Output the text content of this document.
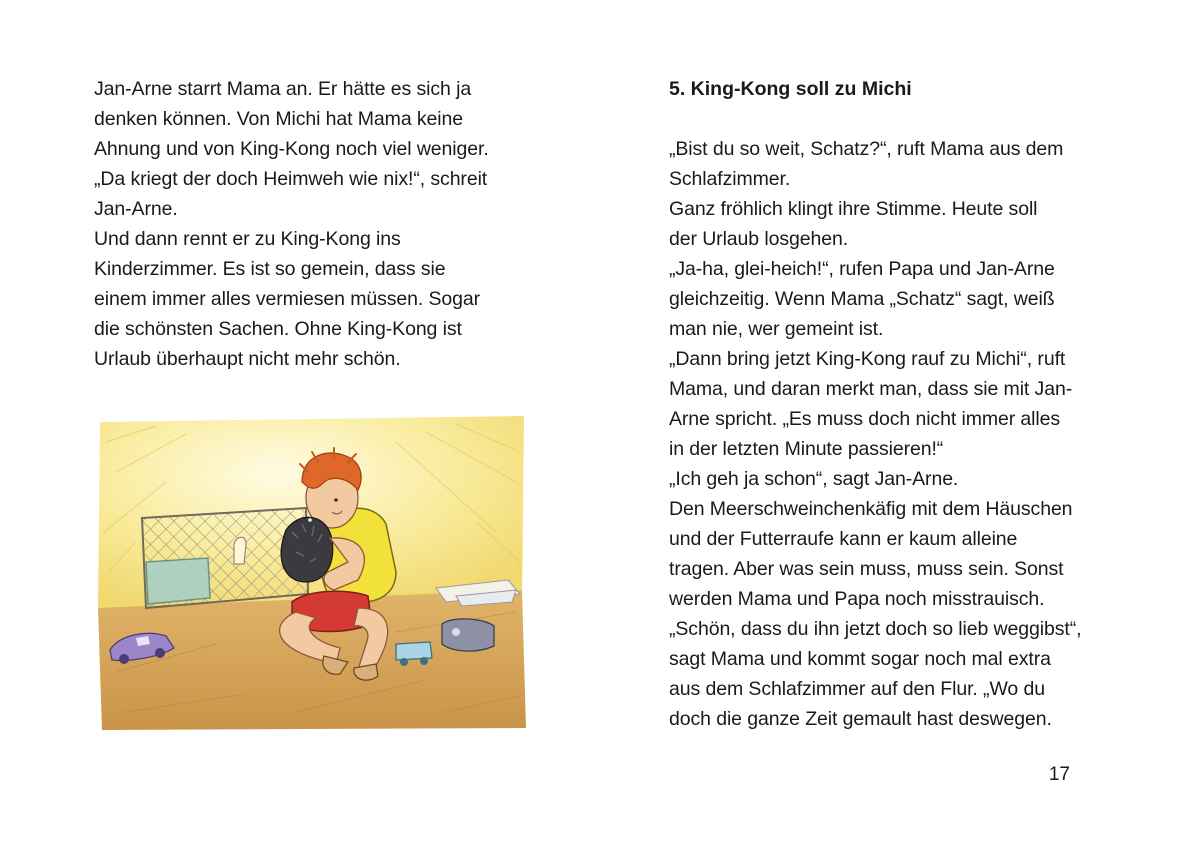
Jan-Arne starrt Mama an. Er hätte es sich ja
denken können. Von Michi hat Mama keine
Ahnung und von King-Kong noch viel weniger.
„Da kriegt der doch Heimweh wie nix!“, schreit
Jan-Arne.
Und dann rennt er zu King-Kong ins
Kinderzimmer. Es ist so gemein, dass sie
einem immer alles vermiesen müssen. Sogar
die schönsten Sachen. Ohne King-Kong ist
Urlaub überhaupt nicht mehr schön.
5. King-Kong soll zu Michi
„Bist du so weit, Schatz?“, ruft Mama aus dem
Schlafzimmer.
Ganz fröhlich klingt ihre Stimme. Heute soll
der Urlaub losgehen.
„Ja-ha, glei-heich!“, rufen Papa und Jan-Arne
gleichzeitig. Wenn Mama „Schatz“ sagt, weiß
man nie, wer gemeint ist.
„Dann bring jetzt King-Kong rauf zu Michi“, ruft
Mama, und daran merkt man, dass sie mit Jan-
Arne spricht. „Es muss doch nicht immer alles
in der letzten Minute passieren!“
„Ich geh ja schon“, sagt Jan-Arne.
Den Meerschweinchenkäfig mit dem Häuschen
und der Futterraufe kann er kaum alleine
tragen. Aber was sein muss, muss sein. Sonst
werden Mama und Papa noch misstrauisch.
„Schön, dass du ihn jetzt doch so lieb weggibst“,
sagt Mama und kommt sogar noch mal extra
aus dem Schlafzimmer auf den Flur. „Wo du
doch die ganze Zeit gemault hast deswegen.
17
